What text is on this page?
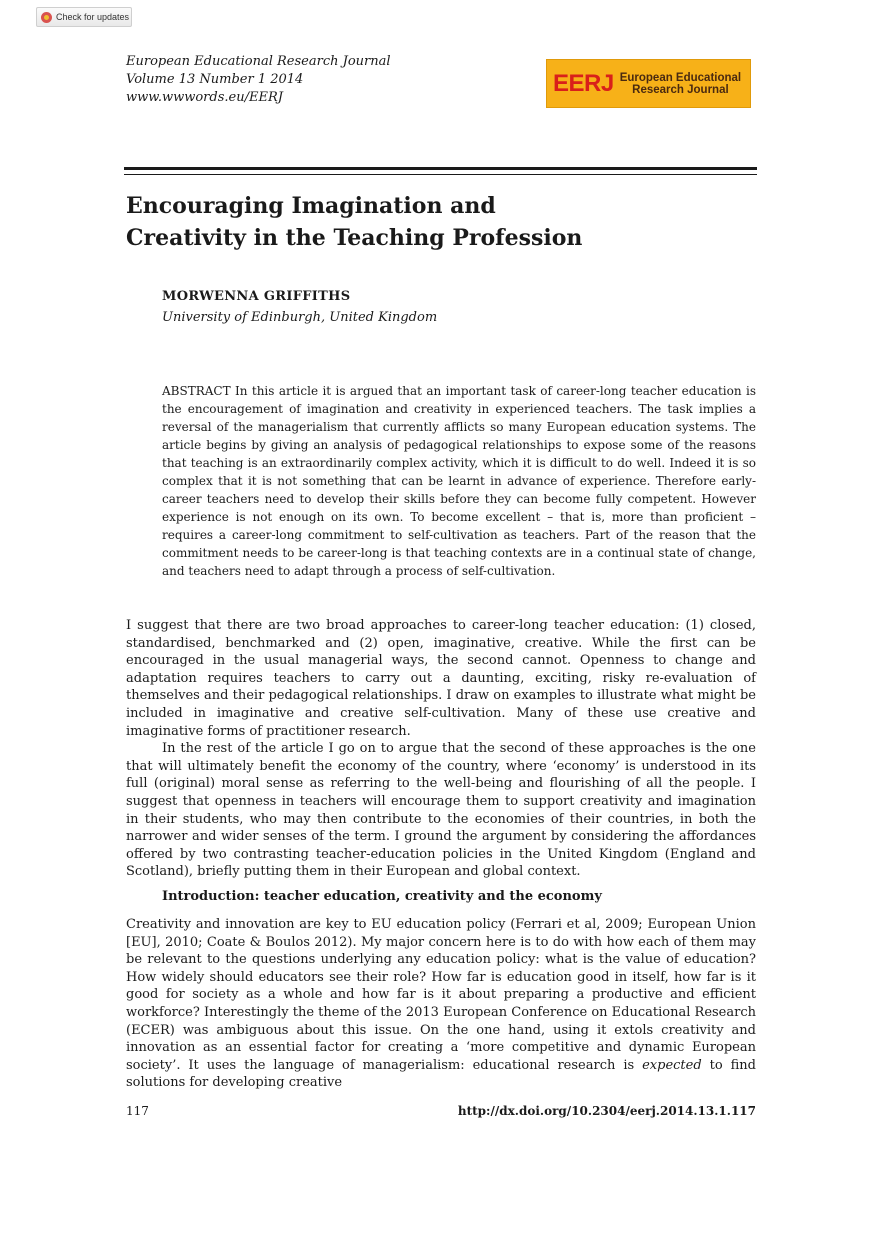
Check for updates
European Educational Research Journal
Volume 13 Number 1 2014
www.wwwords.eu/EERJ
EERJ European Educational
Research Journal
Encouraging Imagination and
Creativity in the Teaching Profession
MORWENNA GRIFFITHS
University of Edinburgh, United Kingdom
ABSTRACT In this article it is argued that an important task of career-long teacher education is the encouragement of imagination and creativity in experienced teachers. The task implies a reversal of the managerialism that currently afflicts so many European education systems. The article begins by giving an analysis of pedagogical relationships to expose some of the reasons that teaching is an extraordinarily complex activity, which it is difficult to do well. Indeed it is so complex that it is not something that can be learnt in advance of experience. Therefore early-career teachers need to develop their skills before they can become fully competent. However experience is not enough on its own. To become excellent – that is, more than proficient – requires a career-long commitment to self-cultivation as teachers. Part of the reason that the commitment needs to be career-long is that teaching contexts are in a continual state of change, and teachers need to adapt through a process of self-cultivation.

I suggest that there are two broad approaches to career-long teacher education: (1) closed, standardised, benchmarked and (2) open, imaginative, creative. While the first can be encouraged in the usual managerial ways, the second cannot. Openness to change and adaptation requires teachers to carry out a daunting, exciting, risky re-evaluation of themselves and their pedagogical relationships. I draw on examples to illustrate what might be included in imaginative and creative self-cultivation. Many of these use creative and imaginative forms of practitioner research.

In the rest of the article I go on to argue that the second of these approaches is the one that will ultimately benefit the economy of the country, where ‘economy’ is understood in its full (original) moral sense as referring to the well-being and flourishing of all the people. I suggest that openness in teachers will encourage them to support creativity and imagination in their students, who may then contribute to the economies of their countries, in both the narrower and wider senses of the term. I ground the argument by considering the affordances offered by two contrasting teacher-education policies in the United Kingdom (England and Scotland), briefly putting them in their European and global context.

Introduction: teacher education, creativity and the economy

Creativity and innovation are key to EU education policy (Ferrari et al, 2009; European Union [EU], 2010; Coate & Boulos 2012). My major concern here is to do with how each of them may be relevant to the questions underlying any education policy: what is the value of education? How widely should educators see their role? How far is education good in itself, how far is it good for society as a whole and how far is it about preparing a productive and efficient workforce? Interestingly the theme of the 2013 European Conference on Educational Research (ECER) was ambiguous about this issue. On the one hand, using it extols creativity and innovation as an essential factor for creating a ‘more competitive and dynamic European society’. It uses the language of managerialism: educational research is expected to find solutions for developing creative

117	http://dx.doi.org/10.2304/eerj.2014.13.1.117
